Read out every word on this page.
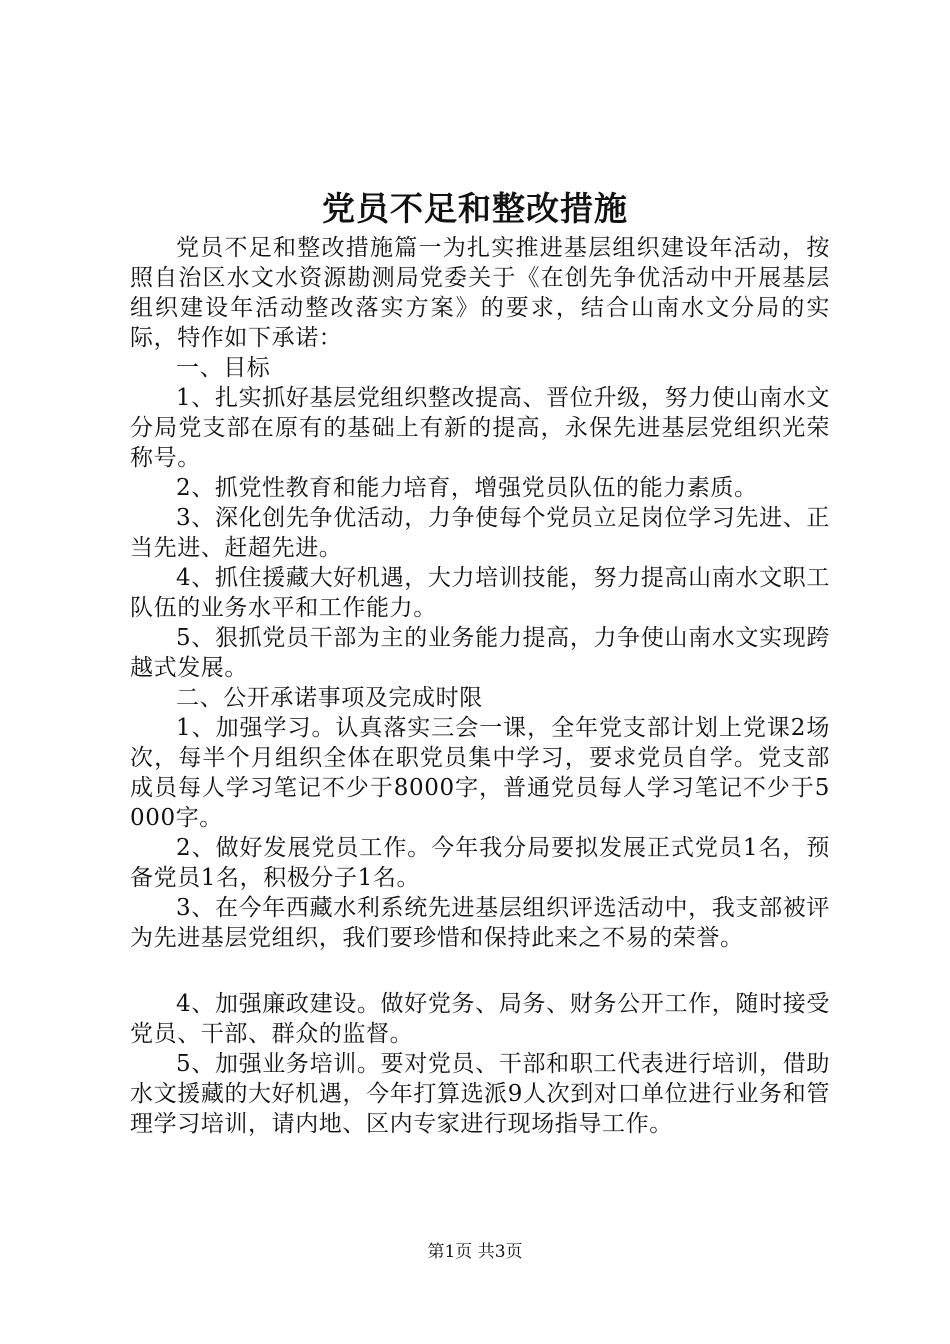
党员不足和整改措施

党员不足和整改措施篇一为扎实推进基层组织建设年活动，按照自治区水文水资源勘测局党委关于《在创先争优活动中开展基层组织建设年活动整改落实方案》的要求，结合山南水文分局的实际，特作如下承诺：

一、目标

1、扎实抓好基层党组织整改提高、晋位升级，努力使山南水文分局党支部在原有的基础上有新的提高，永保先进基层党组织光荣称号。

2、抓党性教育和能力培育，增强党员队伍的能力素质。

3、深化创先争优活动，力争使每个党员立足岗位学习先进、正当先进、赶超先进。

4、抓住援藏大好机遇，大力培训技能，努力提高山南水文职工队伍的业务水平和工作能力。

5、狠抓党员干部为主的业务能力提高，力争使山南水文实现跨越式发展。

二、公开承诺事项及完成时限

1、加强学习。认真落实三会一课，全年党支部计划上党课2场次，每半个月组织全体在职党员集中学习，要求党员自学。党支部成员每人学习笔记不少于8000字，普通党员每人学习笔记不少于5000字。

2、做好发展党员工作。今年我分局要拟发展正式党员1名，预备党员1名，积极分子1名。

3、在今年西藏水利系统先进基层组织评选活动中，我支部被评为先进基层党组织，我们要珍惜和保持此来之不易的荣誉。

4、加强廉政建设。做好党务、局务、财务公开工作，随时接受党员、干部、群众的监督。

5、加强业务培训。要对党员、干部和职工代表进行培训，借助水文援藏的大好机遇，今年打算选派9人次到对口单位进行业务和管理学习培训，请内地、区内专家进行现场指导工作。

第1页 共3页
